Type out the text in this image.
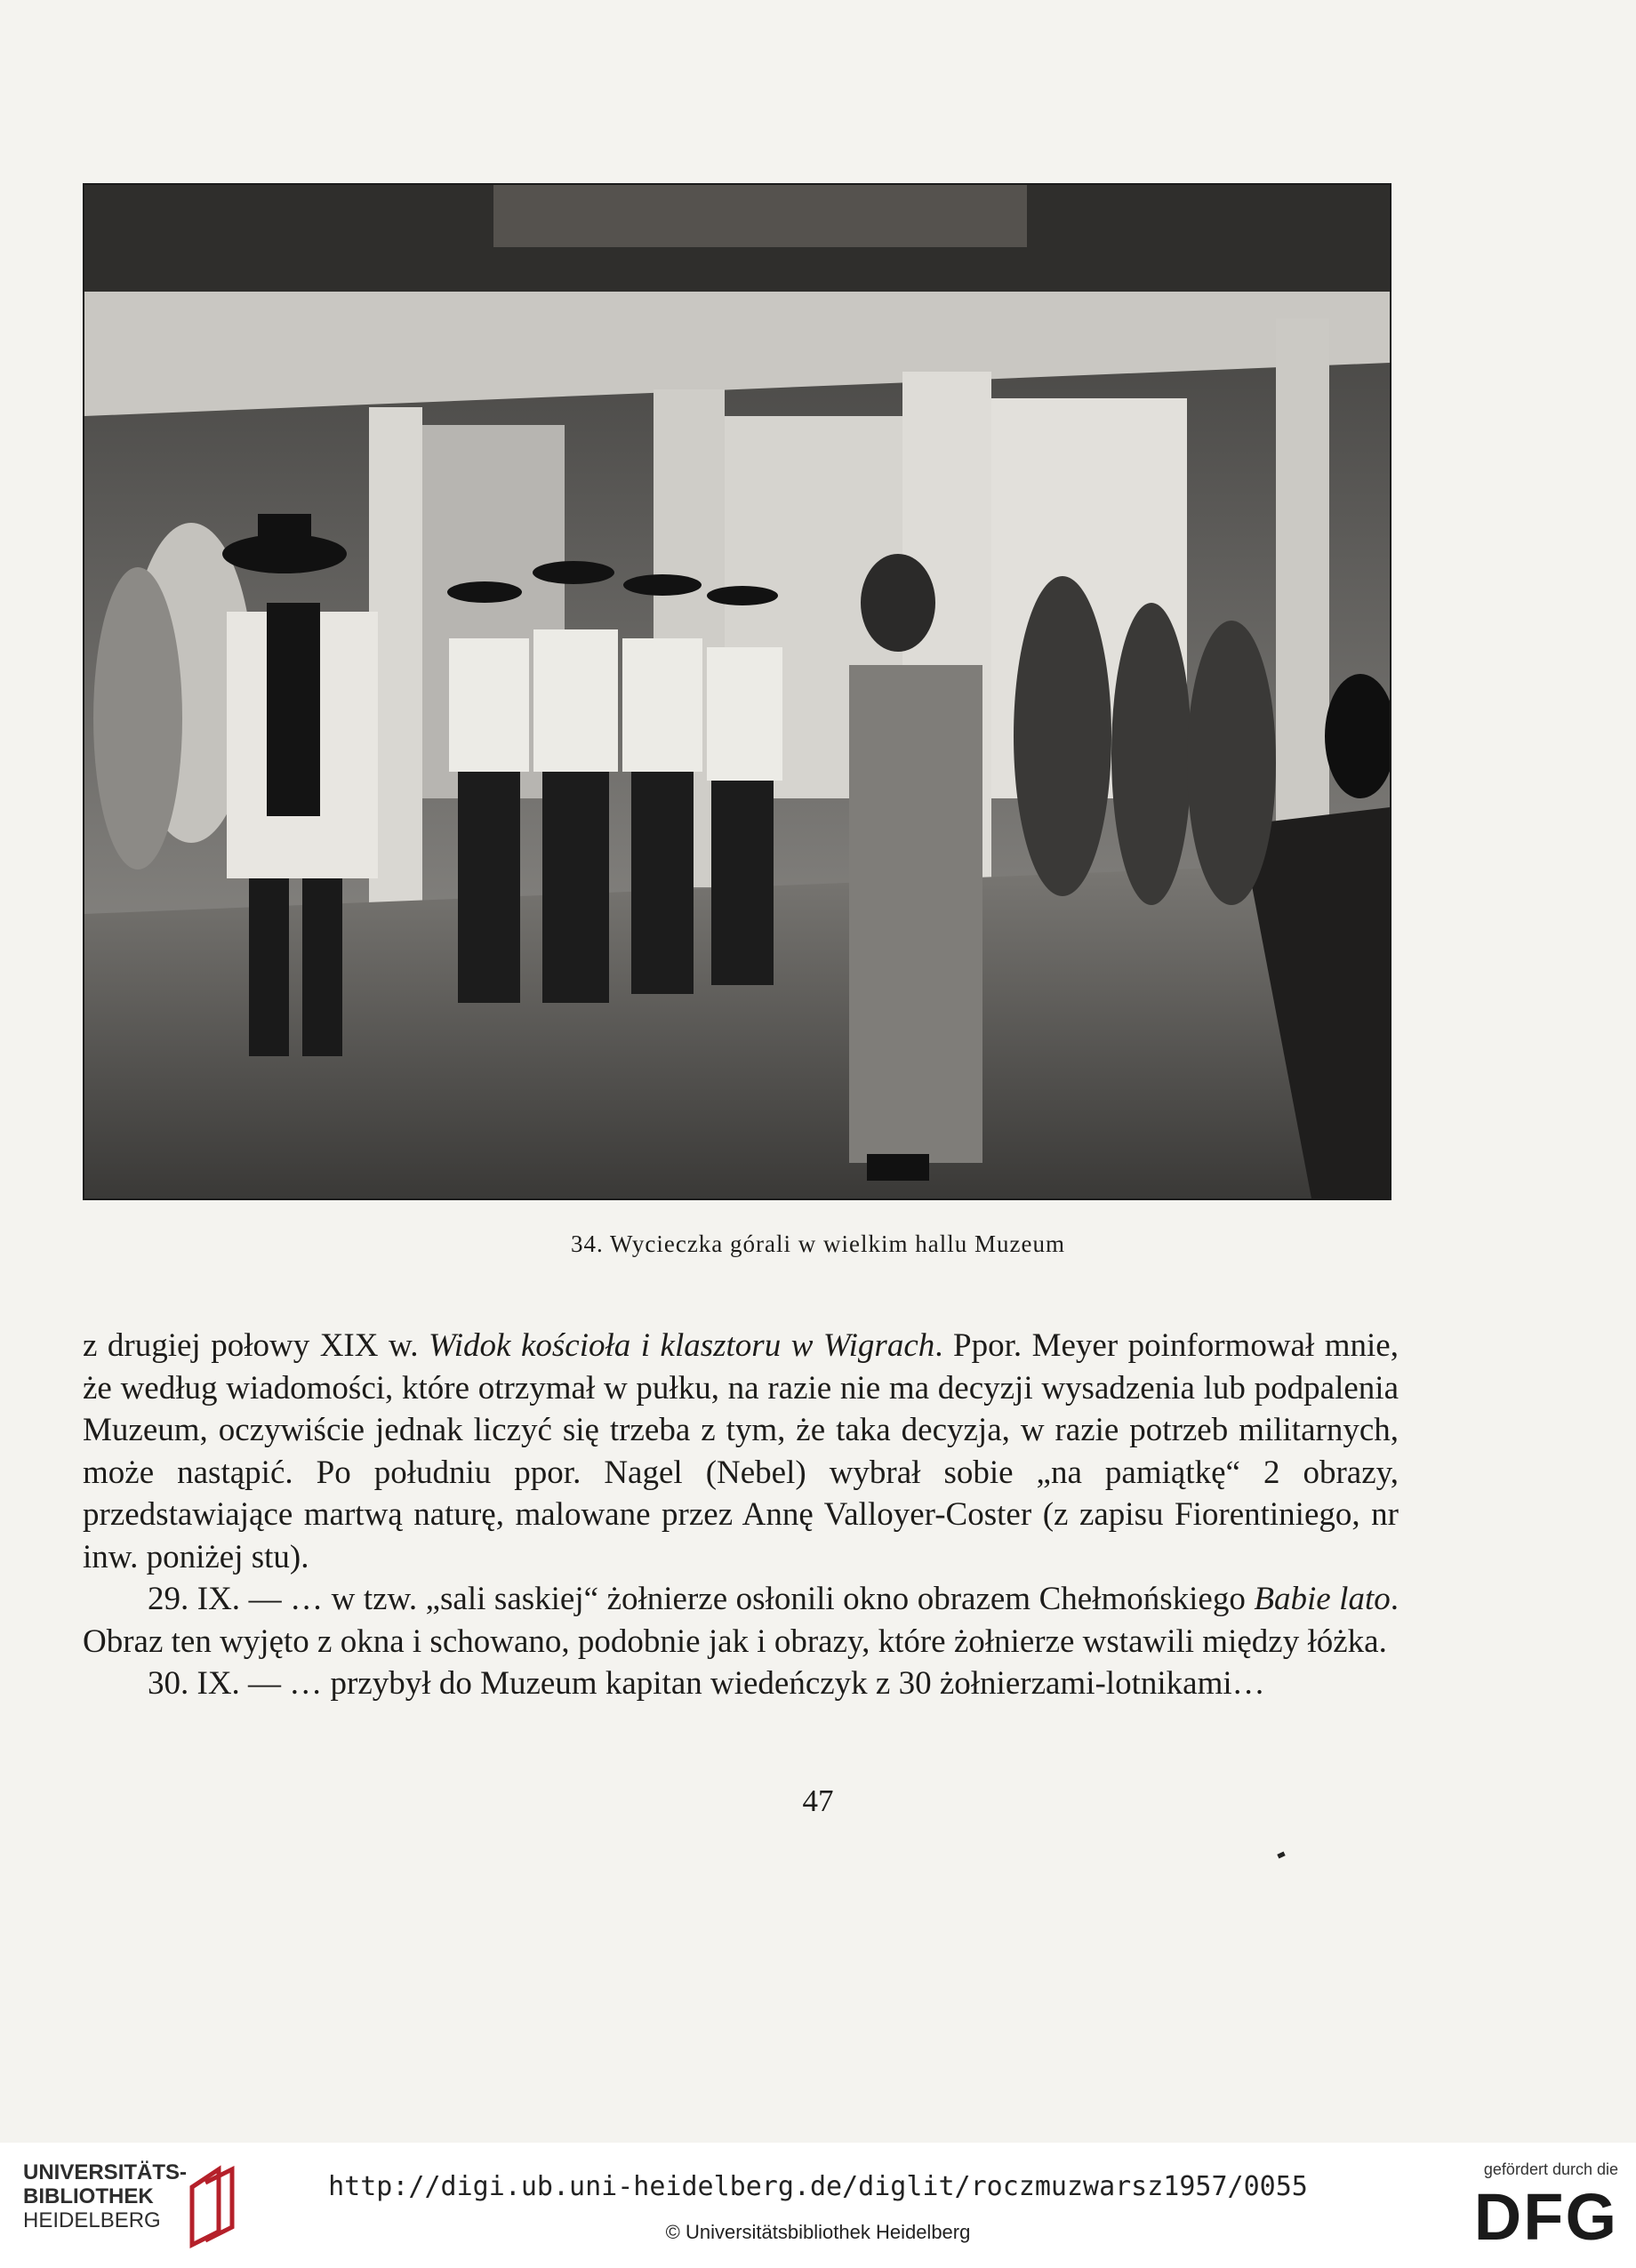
34. Wycieczka górali w wielkim hallu Muzeum

z drugiej połowy XIX w. Widok kościoła i klasztoru w Wigrach. Ppor. Meyer poinformował mnie, że według wiadomości, które otrzymał w pułku, na razie nie ma decyzji wysadzenia lub podpalenia Muzeum, oczywiście jednak liczyć się trzeba z tym, że taka decyzja, w razie potrzeb militarnych, może nastąpić. Po południu ppor. Nagel (Nebel) wybrał sobie „na pamiątkę“ 2 obrazy, przedstawiające martwą naturę, malowane przez Annę Valloyer-Coster (z zapisu Fiorentiniego, nr inw. poniżej stu).

29. IX. — … w tzw. „sali saskiej“ żołnierze osłonili okno obrazem Chełmońskiego Babie lato. Obraz ten wyjęto z okna i schowano, podobnie jak i obrazy, które żołnierze wstawili między łóżka.

30. IX. — … przybył do Muzeum kapitan wiedeńczyk z 30 żołnierzami-lotnikami…

47
UNIVERSITÄTS-
BIBLIOTHEK
HEIDELBERG
http://digi.ub.uni-heidelberg.de/diglit/roczmuzwarsz1957/0055
© Universitätsbibliothek Heidelberg
gefördert durch die
DFG
